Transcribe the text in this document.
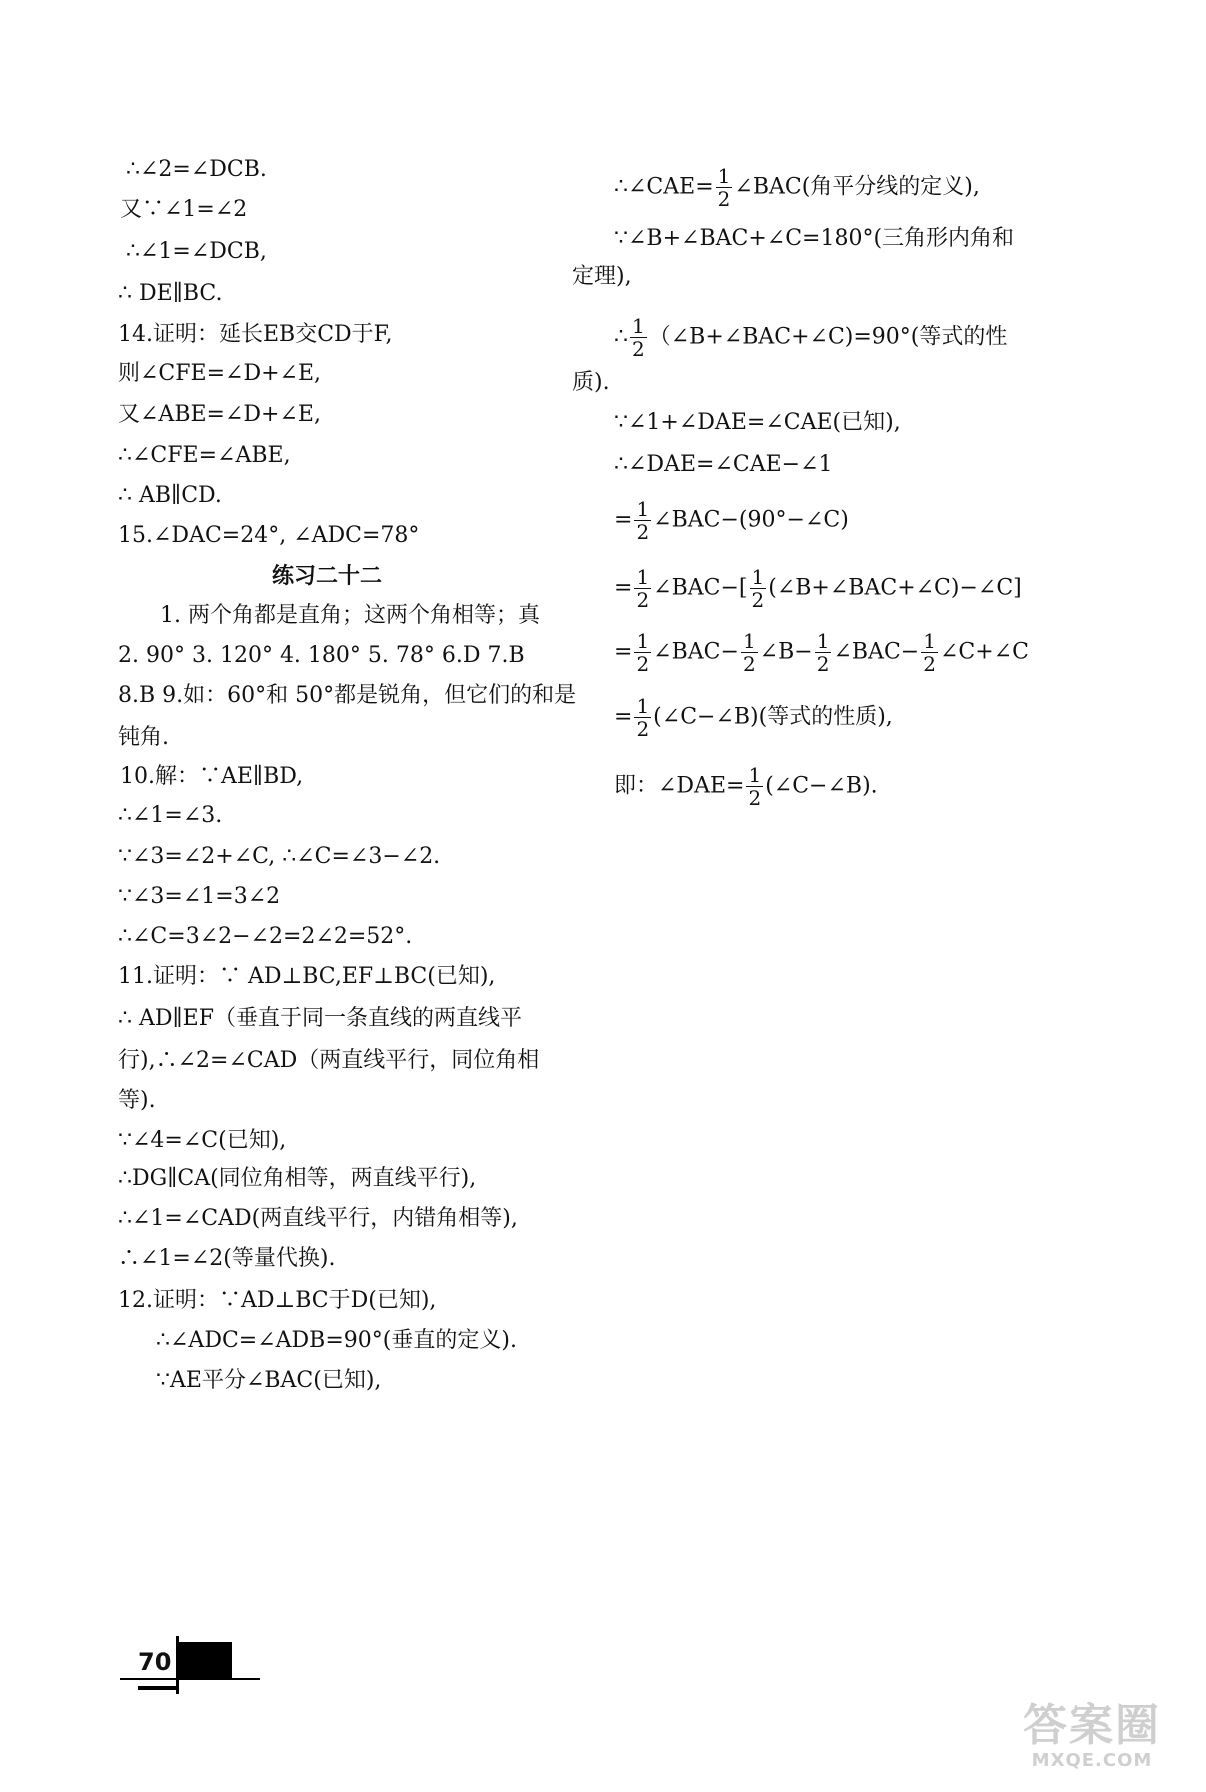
∴∠2=∠DCB.
又∵∠1=∠2
∴∠1=∠DCB,
∴ DE∥BC.
14.证明：延长EB交CD于F,
则∠CFE=∠D+∠E,
又∠ABE=∠D+∠E,
∴∠CFE=∠ABE,
∴ AB∥CD.
15.∠DAC=24°, ∠ADC=78°
练习二十二
1. 两个角都是直角；这两个角相等；真
2. 90° 3. 120° 4. 180° 5. 78° 6.D 7.B
8.B 9.如：60°和 50°都是锐角，但它们的和是
钝角.
10.解：∵AE∥BD,
∴∠1=∠3.
∵∠3=∠2+∠C, ∴∠C=∠3−∠2.
∵∠3=∠1=3∠2
∴∠C=3∠2−∠2=2∠2=52°.
11.证明：∵ AD⊥BC,EF⊥BC(已知),
∴ AD∥EF（垂直于同一条直线的两直线平
行),∴∠2=∠CAD（两直线平行，同位角相
等).
∵∠4=∠C(已知),
∴DG∥CA(同位角相等，两直线平行),
∴∠1=∠CAD(两直线平行，内错角相等),
∴∠1=∠2(等量代换).
12.证明：∵AD⊥BC于D(已知),
∴∠ADC=∠ADB=90°(垂直的定义).
∵AE平分∠BAC(已知),
∴∠CAE= $\frac{1}{2}$ ∠BAC(角平分线的定义),
∵∠B+∠BAC+∠C=180°(三角形内角和
定理),
∴ $\frac{1}{2}$ （∠B+∠BAC+∠C)=90°(等式的性
质).
∵∠1+∠DAE=∠CAE(已知),
∴∠DAE=∠CAE−∠1
= $\frac{1}{2}$ ∠BAC−(90°−∠C)
= $\frac{1}{2}$ ∠BAC−[ $\frac{1}{2}$ (∠B+∠BAC+∠C)−∠C]
= $\frac{1}{2}$ ∠BAC− $\frac{1}{2}$ ∠B− $\frac{1}{2}$ ∠BAC− $\frac{1}{2}$ ∠C+∠C
= $\frac{1}{2}$ (∠C−∠B)(等式的性质),
即：∠DAE= $\frac{1}{2}$ (∠C−∠B).
70
答案圈
MXQE.COM
